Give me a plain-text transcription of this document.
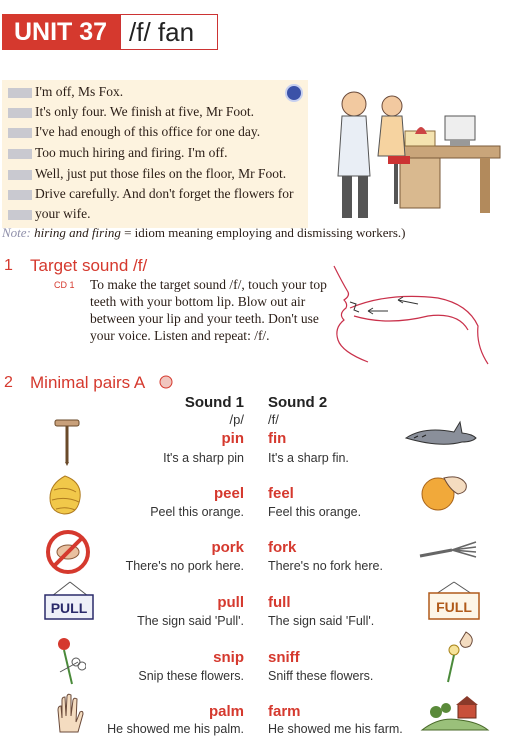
UNIT 37 /f/ fan
I'm off, Ms Fox.
It's only four. We finish at five, Mr Foot.
I've had enough of this office for one day.
Too much hiring and firing. I'm off.
Well, just put those files on the floor, Mr Foot.
Drive carefully. And don't forget the flowers for
your wife.
Note: hiring and firing = idiom meaning employing and dismissing workers.)
1 Target sound /f/
CD 1 To make the target sound /f/, touch your top teeth with your bottom lip. Blow out air between your lip and your teeth. Don't use your voice. Listen and repeat: /f/.
2 Minimal pairs A
Sound 1 Sound 2
/p/ /f/
pin fin
It's a sharp pin It's a sharp fin.
peel feel
Peel this orange. Feel this orange.
pork fork
There's no pork here. There's no fork here.
pull full
The sign said 'Pull'. The sign said 'Full'.
snip sniff
Snip these flowers. Sniff these flowers.
palm farm
He showed me his palm. He showed me his farm.
PULL	FULL
